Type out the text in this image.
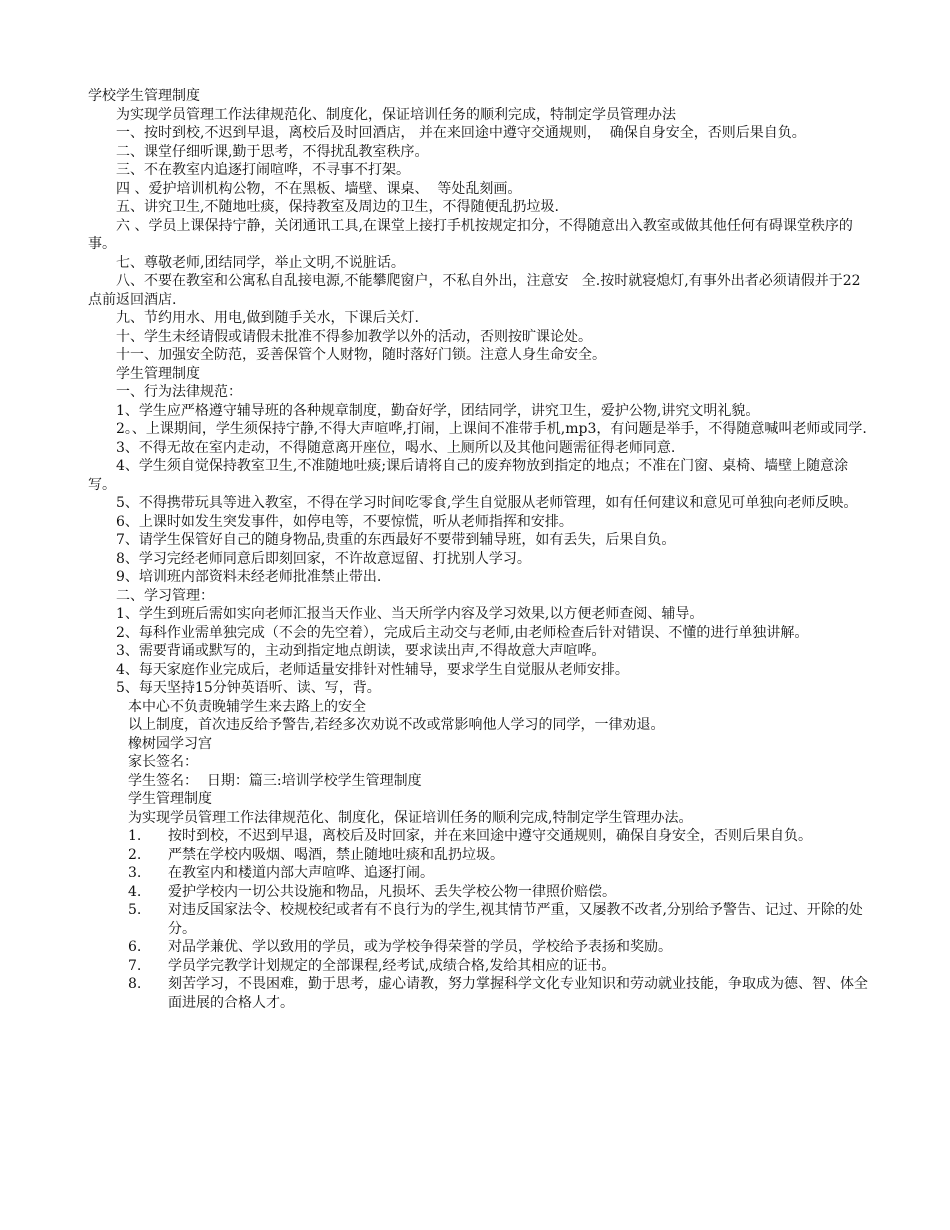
学校学生管理制度

为实现学员管理工作法律规范化、制度化，保证培训任务的顺利完成，特制定学员管理办法

一、按时到校,不迟到早退，离校后及时回酒店， 并在来回途中遵守交通规则，  确保自身安全，否则后果自负。

二、课堂仔细听课,勤于思考，不得扰乱教室秩序。

三、不在教室内追逐打闹喧哗，不寻事不打架。

四 、爱护培训机构公物，不在黑板、墙壁、课桌、  等处乱刻画。

五、讲究卫生,不随地吐痰，保持教室及周边的卫生，不得随便乱扔垃圾.

六 、学员上课保持宁静，关闭通讯工具,在课堂上接打手机按规定扣分，不得随意出入教室或做其他任何有碍课堂秩序的事。

七、尊敬老师,团结同学，举止文明,不说脏话。

八、不要在教室和公寓私自乱接电源,不能攀爬窗户，不私自外出，注意安   全.按时就寝熄灯,有事外出者必须请假并于22点前返回酒店.

九、节约用水、用电,做到随手关水，下课后关灯.

十、学生未经请假或请假未批准不得参加教学以外的活动，否则按旷课论处。

十一、加强安全防范，妥善保管个人财物，随时落好门锁。注意人身生命安全。

学生管理制度

一、行为法律规范：

1、学生应严格遵守辅导班的各种规章制度，勤奋好学，团结同学，讲究卫生，爱护公物,讲究文明礼貌。

2。、上课期间，学生须保持宁静,不得大声喧哗,打闹，上课间不准带手机,mp3，有问题是举手，不得随意喊叫老师或同学.

3、不得无故在室内走动，不得随意离开座位，喝水、上厕所以及其他问题需征得老师同意.

4、学生须自觉保持教室卫生,不准随地吐痰;课后请将自己的废弃物放到指定的地点；不准在门窗、桌椅、墙壁上随意涂写。

5、不得携带玩具等进入教室，不得在学习时间吃零食,学生自觉服从老师管理，如有任何建议和意见可单独向老师反映。

6、上课时如发生突发事件，如停电等，不要惊慌，听从老师指挥和安排。

7、请学生保管好自己的随身物品,贵重的东西最好不要带到辅导班，如有丢失，后果自负。

8、学习完经老师同意后即刻回家，不许故意逗留、打扰别人学习。

9、培训班内部资料未经老师批准禁止带出.

二、学习管理：

1、学生到班后需如实向老师汇报当天作业、当天所学内容及学习效果,以方便老师查阅、辅导。

2、每科作业需单独完成（不会的先空着），完成后主动交与老师,由老师检查后针对错误、不懂的进行单独讲解。

3、需要背诵或默写的，主动到指定地点朗读，要求读出声,不得故意大声喧哗。

4、每天家庭作业完成后，老师适量安排针对性辅导，要求学生自觉服从老师安排。

5、每天坚持15分钟英语听、读、写，背。

本中心不负责晚辅学生来去路上的安全

以上制度，首次违反给予警告,若经多次劝说不改或常影响他人学习的同学，一律劝退。

橡树园学习宫

家长签名：

学生签名：  日期：篇三:培训学校学生管理制度

学生管理制度

为实现学员管理工作法律规范化、制度化，保证培训任务的顺利完成,特制定学生管理办法。

1.	按时到校，不迟到早退，离校后及时回家，并在来回途中遵守交通规则，确保自身安全，否则后果自负。
2.	严禁在学校内吸烟、喝酒，禁止随地吐痰和乱扔垃圾。
3.	在教室内和楼道内部大声喧哗、追逐打闹。
4.	爱护学校内一切公共设施和物品，凡损坏、丢失学校公物一律照价赔偿。
5.	对违反国家法令、校规校纪或者有不良行为的学生,视其情节严重，又屡教不改者,分别给予警告、记过、开除的处分。
6.	对品学兼优、学以致用的学员，或为学校争得荣誉的学员，学校给予表扬和奖励。
7.	学员学完教学计划规定的全部课程,经考试,成绩合格,发给其相应的证书。
8.	刻苦学习，不畏困难，勤于思考，虚心请教，努力掌握科学文化专业知识和劳动就业技能，争取成为德、智、体全面进展的合格人才。
